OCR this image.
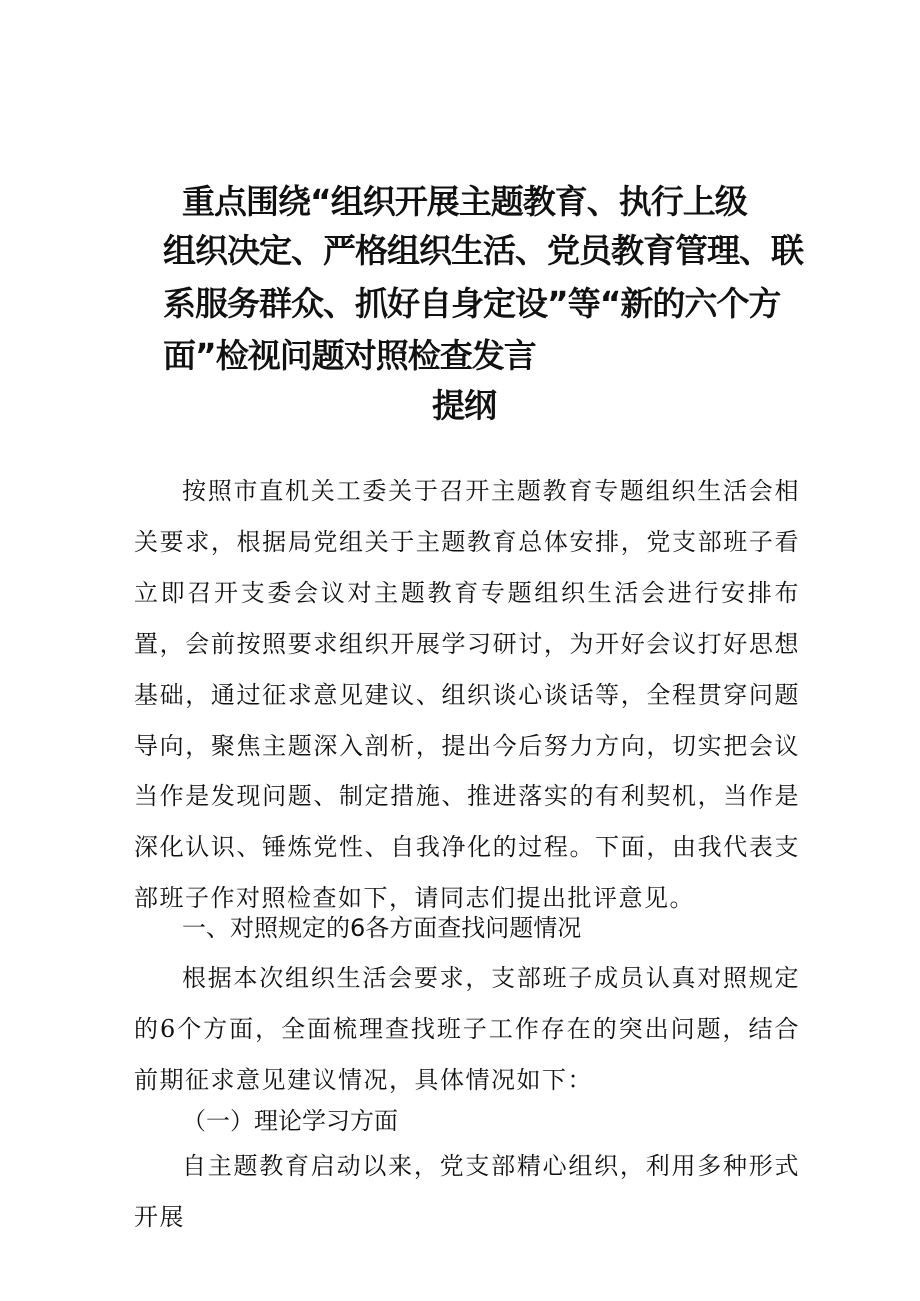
重点围绕“组织开展主题教育、执行上级
组织决定、严格组织生活、党员教育管理、联
系服务群众、抓好自身定设”等“新的六个方
面”检视问题对照检查发言
提纲
按照市直机关工委关于召开主题教育专题组织生活会相关要求，根据局党组关于主题教育总体安排，党支部班子看立即召开支委会议对主题教育专题组织生活会进行安排布置，会前按照要求组织开展学习研讨，为开好会议打好思想基础，通过征求意见建议、组织谈心谈话等，全程贯穿问题导向，聚焦主题深入剖析，提出今后努力方向，切实把会议当作是发现问题、制定措施、推进落实的有利契机，当作是深化认识、锤炼党性、自我净化的过程。下面，由我代表支部班子作对照检查如下，请同志们提出批评意见。
一、对照规定的6各方面查找问题情况
根据本次组织生活会要求，支部班子成员认真对照规定的6个方面，全面梳理查找班子工作存在的突出问题，结合前期征求意见建议情况，具体情况如下：
（一）理论学习方面
自主题教育启动以来，党支部精心组织，利用多种形式开展
